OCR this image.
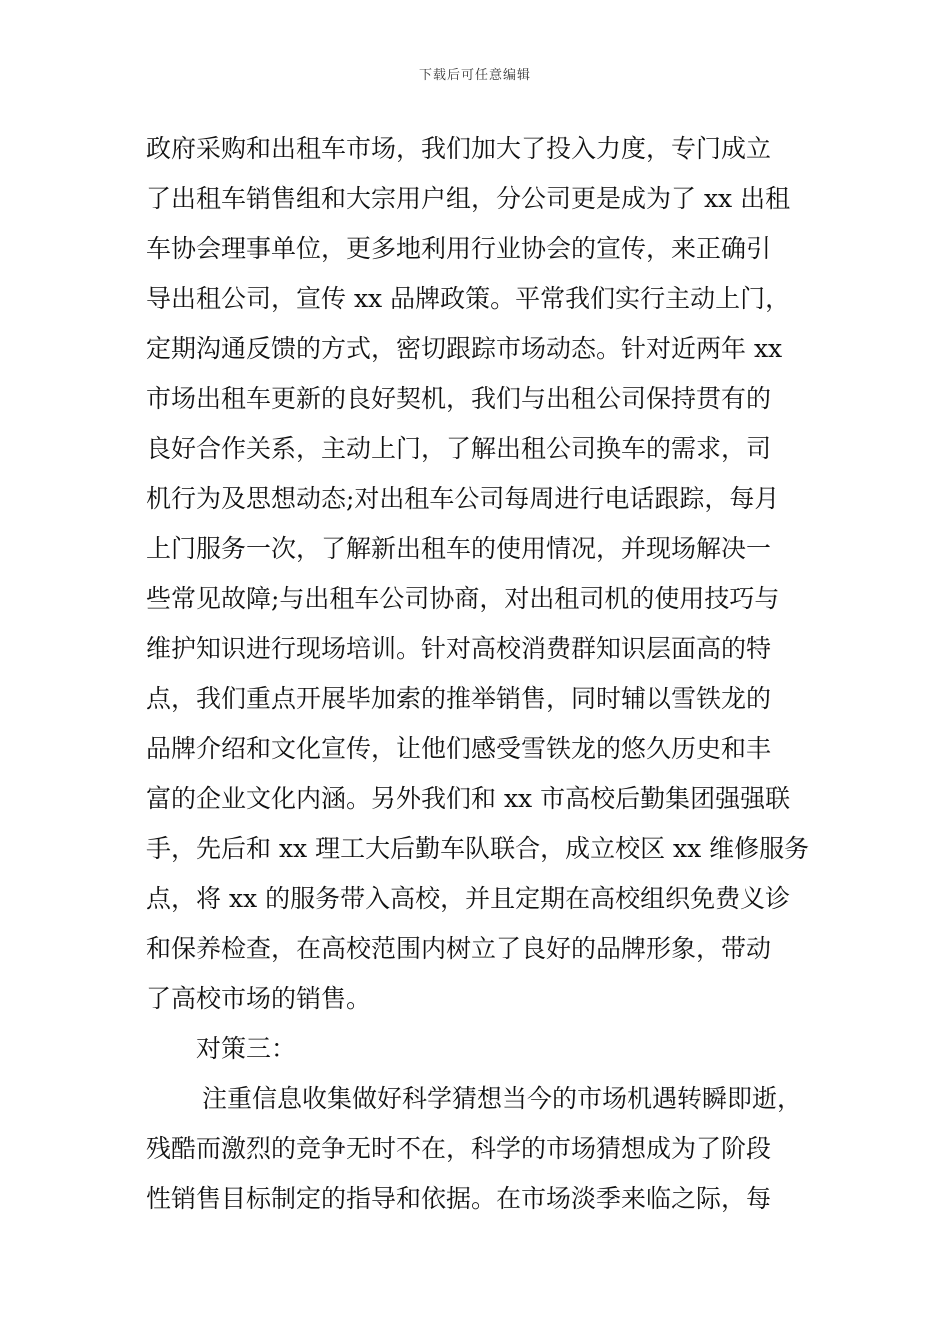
下载后可任意编辑
政府采购和出租车市场，我们加大了投入力度，专门成立
了出租车销售组和大宗用户组，分公司更是成为了 xx 出租
车协会理事单位，更多地利用行业协会的宣传，来正确引
导出租公司，宣传 xx 品牌政策。平常我们实行主动上门，
定期沟通反馈的方式，密切跟踪市场动态。针对近两年 xx
市场出租车更新的良好契机，我们与出租公司保持贯有的
良好合作关系，主动上门，了解出租公司换车的需求，司
机行为及思想动态;对出租车公司每周进行电话跟踪，每月
上门服务一次，了解新出租车的使用情况，并现场解决一
些常见故障;与出租车公司协商，对出租司机的使用技巧与
维护知识进行现场培训。针对高校消费群知识层面高的特
点，我们重点开展毕加索的推举销售，同时辅以雪铁龙的
品牌介绍和文化宣传，让他们感受雪铁龙的悠久历史和丰
富的企业文化内涵。另外我们和 xx 市高校后勤集团强强联
手，先后和 xx 理工大后勤车队联合，成立校区 xx 维修服务
点，将 xx 的服务带入高校，并且定期在高校组织免费义诊
和保养检查，在高校范围内树立了良好的品牌形象，带动
了高校市场的销售。
对策三：
注重信息收集做好科学猜想当今的市场机遇转瞬即逝，
残酷而激烈的竞争无时不在，科学的市场猜想成为了阶段
性销售目标制定的指导和依据。在市场淡季来临之际，每
